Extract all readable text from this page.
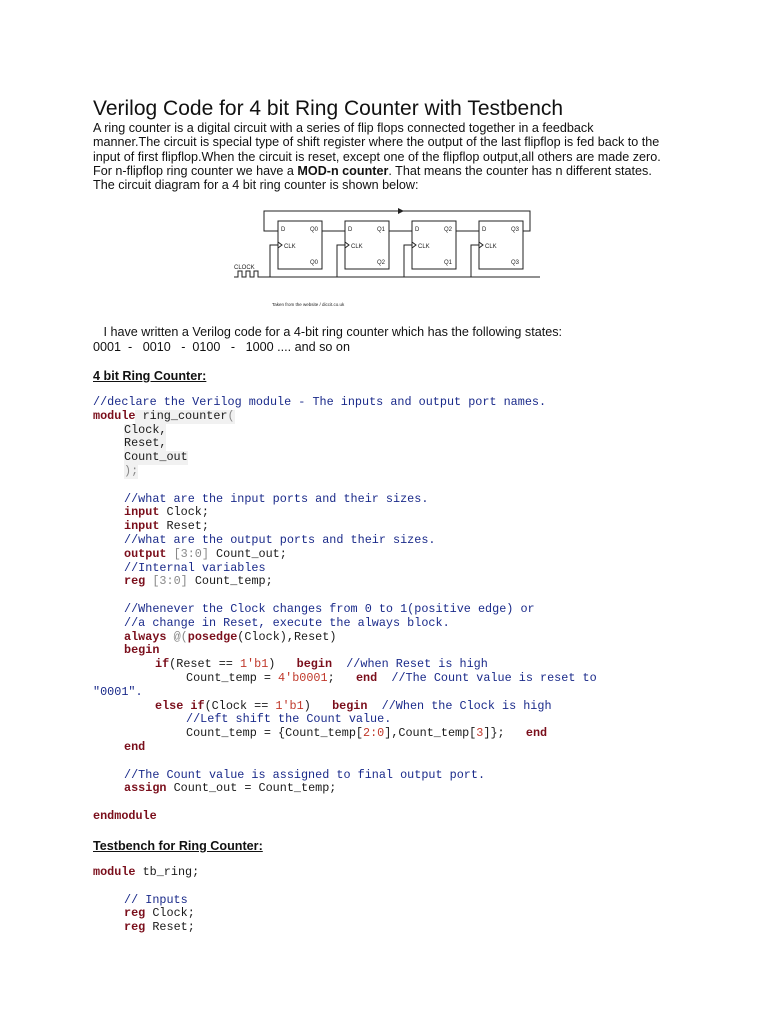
Verilog Code for 4 bit Ring Counter with Testbench

A ring counter is a digital circuit with a series of flip flops connected together in a feedback

manner.The circuit is special type of shift register where the output of the last flipflop is fed back to the

input of first flipflop.When the circuit is reset, except one of the flipflop output,all others are made zero.

For n-flipflop ring counter we have a MOD-n counter. That means the counter has n different states.

The circuit diagram for a 4 bit ring counter is shown below:

D
CLK
Q0
Q0
D
CLK
Q1
Q2
D
CLK
Q2
Q1
D
CLK
Q3
Q3
CLOCK
Taken from the website / diccit.co.uk

I have written a Verilog code for a 4-bit ring counter which has the following states:

0001  -   0010   -  0100   -   1000 .... and so on

4 bit Ring Counter:
//declare the Verilog module - The inputs and output port names.
module ring_counter(
Clock,
Reset,
Count_out
);
//what are the input ports and their sizes.
input Clock;
input Reset;
//what are the output ports and their sizes.
output [3:0] Count_out;
//Internal variables
reg [3:0] Count_temp;
//Whenever the Clock changes from 0 to 1(positive edge) or
//a change in Reset, execute the always block.
always @(posedge(Clock),Reset)
begin
if(Reset == 1'b1) begin //when Reset is high
Count_temp = 4'b0001; end //The Count value is reset to
"0001".
else if(Clock == 1'b1) begin //When the Clock is high
//Left shift the Count value.
Count_temp = {Count_temp[2:0],Count_temp[3]}; end
end
//The Count value is assigned to final output port.
assign Count_out = Count_temp;
endmodule
Testbench for Ring Counter:
module tb_ring;
// Inputs
reg Clock;
reg Reset;
